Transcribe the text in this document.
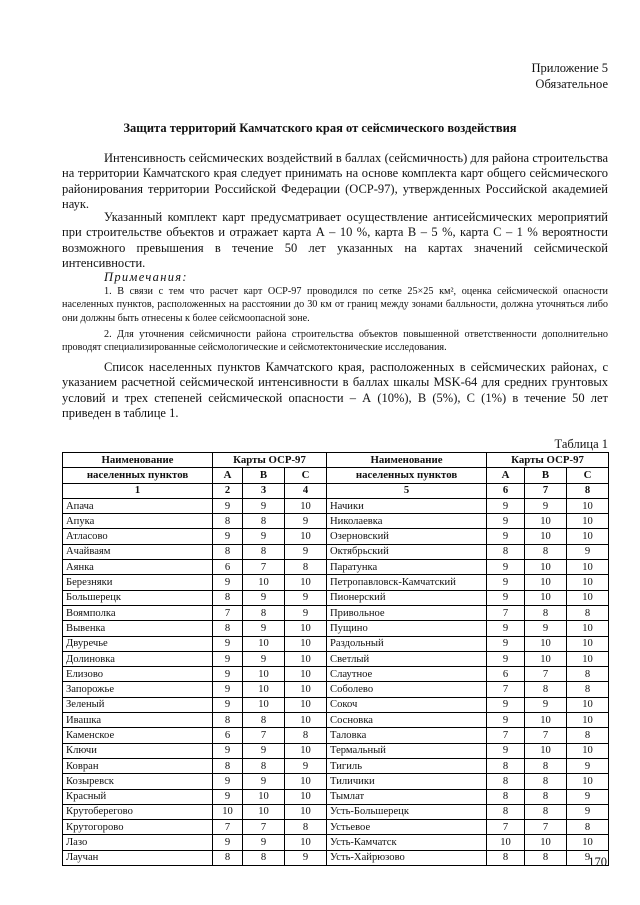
Приложение 5
Обязательное
Защита территорий Камчатского края от сейсмического воздействия

Интенсивность сейсмических воздействий в баллах (сейсмичность) для района строительства на территории Камчатского края следует принимать на основе комплекта карт общего сейсмического районирования территории Российской Федерации (ОСР-97), утвержденных Российской академией наук.

Указанный комплект карт предусматривает осуществление антисейсмических мероприятий при строительстве объектов и отражает карта А – 10 %, карта В – 5 %, карта С – 1 % вероятности возможного превышения в течение 50 лет указанных на картах значений сейсмической интенсивности.

Примечания:

1. В связи с тем что расчет карт ОСР-97 проводился по сетке 25×25 км², оценка сейсмической опасности населенных пунктов, расположенных на расстоянии до 30 км от границ между зонами балльности, должна уточняться либо они должны быть отнесены к более сейсмоопасной зоне.

2. Для уточнения сейсмичности района строительства объектов повышенной ответственности дополнительно проводят специализированные сейсмологические и сейсмотектонические исследования.

Список населенных пунктов Камчатского края, расположенных в сейсмических районах, с указанием расчетной сейсмической интенсивности в баллах шкалы MSK-64 для средних грунтовых условий и трех степеней сейсмической опасности – А (10%), В (5%), С (1%) в течение 50 лет приведен в таблице 1.

Таблица 1
Наименование	Карты ОСР-97			Наименование	Карты ОСР-97		
населенных пунктов	А	В	С	населенных пунктов	А	В	С
1	2	3	4	5	6	7	8
Апача	9	9	10	Начики	9	9	10
Апука	8	8	9	Николаевка	9	10	10
Атласово	9	9	10	Озерновский	9	10	10
Ачайваям	8	8	9	Октябрьский	8	8	9
Аянка	6	7	8	Паратунка	9	10	10
Березняки	9	10	10	Петропавловск-Камчатский	9	10	10
Большерецк	8	9	9	Пионерский	9	10	10
Воямполка	7	8	9	Привольное	7	8	8
Вывенка	8	9	10	Пущино	9	9	10
Двуречье	9	10	10	Раздольный	9	10	10
Долиновка	9	9	10	Светлый	9	10	10
Елизово	9	10	10	Слаутное	6	7	8
Запорожье	9	10	10	Соболево	7	8	8
Зеленый	9	10	10	Сокоч	9	9	10
Ивашка	8	8	10	Сосновка	9	10	10
Каменское	6	7	8	Таловка	7	7	8
Ключи	9	9	10	Термальный	9	10	10
Ковран	8	8	9	Тигиль	8	8	9
Козыревск	9	9	10	Тиличики	8	8	10
Красный	9	10	10	Тымлат	8	8	9
Крутоберегово	10	10	10	Усть-Большерецк	8	8	9
Крутогорово	7	7	8	Устьевое	7	7	8
Лазо	9	9	10	Усть-Камчатск	10	10	10
Лаучан	8	8	9	Усть-Хайрюзово	8	8	9
170
